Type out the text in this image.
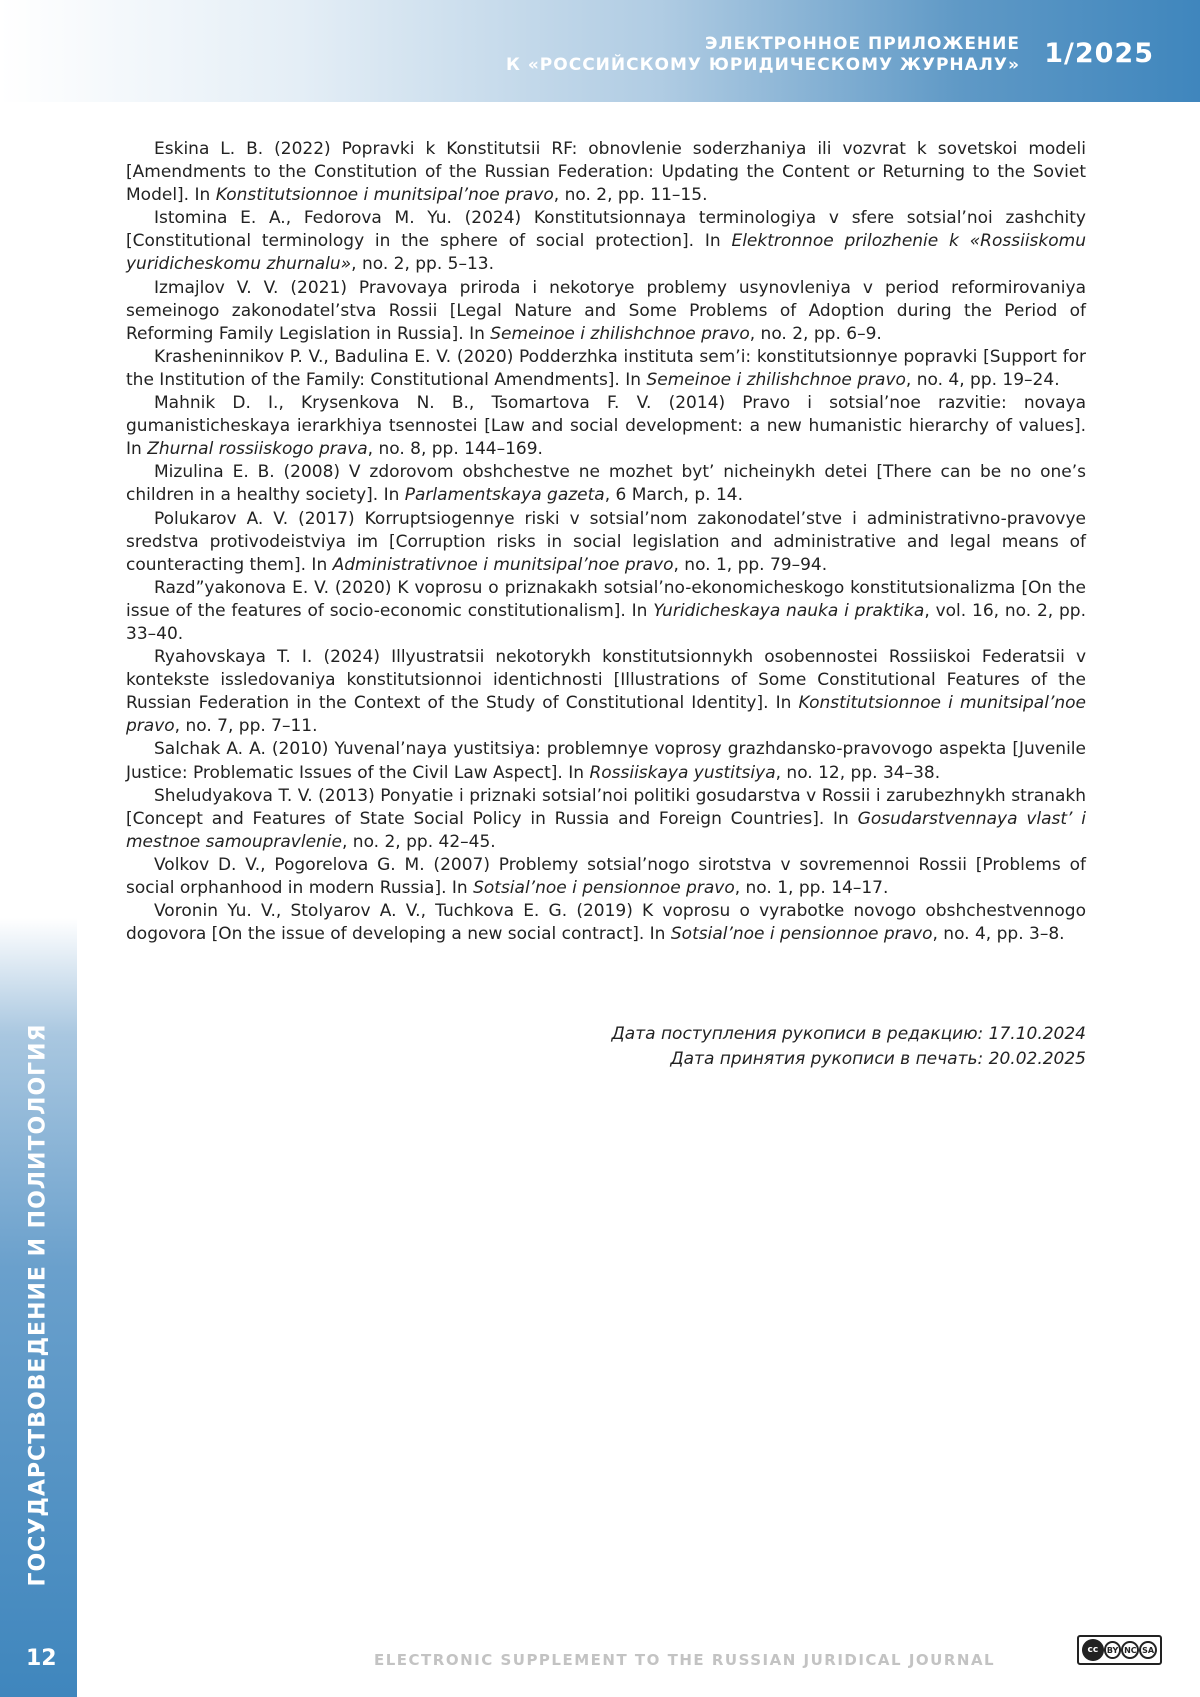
ЭЛЕКТРОННОЕ ПРИЛОЖЕНИЕ
К «РОССИЙСКОМУ ЮРИДИЧЕСКОМУ ЖУРНАЛУ» 1/2025
ГОСУДАРСТВОВЕДЕНИЕ И ПОЛИТОЛОГИЯ
12

Eskina L. B. (2022) Popravki k Konstitutsii RF: obnovlenie soderzhaniya ili vozvrat k sovetskoi modeli [Amendments to the Constitution of the Russian Federation: Updating the Content or Returning to the Soviet Model]. In Konstitutsionnoe i munitsipal’noe pravo, no. 2, pp. 11–15.

Istomina E. A., Fedorova M. Yu. (2024) Konstitutsionnaya terminologiya v sfere sotsial’noi zashchity [Constitutional terminology in the sphere of social protection]. In Elektronnoe prilozhenie k «Rossiiskomu yuridicheskomu zhurnalu», no. 2, pp. 5–13.

Izmajlov V. V. (2021) Pravovaya priroda i nekotorye problemy usynovleniya v period reformirovaniya semeinogo zakonodatel’stva Rossii [Legal Nature and Some Problems of Adoption during the Period of Reforming Family Legislation in Russia]. In Semeinoe i zhilishchnoe pravo, no. 2, pp. 6–9.

Krasheninnikov P. V., Badulina E. V. (2020) Podderzhka instituta sem’i: konstitutsionnye popravki [Support for the Institution of the Family: Constitutional Amendments]. In Semeinoe i zhilishchnoe pravo, no. 4, pp. 19–24.

Mahnik D. I., Krysenkova N. B., Tsomartova F. V. (2014) Pravo i sotsial’noe razvitie: novaya gumanisticheskaya ierarkhiya tsennostei [Law and social development: a new humanistic hierarchy of values]. In Zhurnal rossiiskogo prava, no. 8, pp. 144–169.

Mizulina E. B. (2008) V zdorovom obshchestve ne mozhet byt’ nicheinykh detei [There can be no one’s children in a healthy society]. In Parlamentskaya gazeta, 6 March, p. 14.

Polukarov A. V. (2017) Korruptsiogennye riski v sotsial’nom zakonodatel’stve i administrativno-pravovye sredstva protivodeistviya im [Corruption risks in social legislation and administrative and legal means of counteracting them]. In Administrativnoe i munitsipal’noe pravo, no. 1, pp. 79–94.

Razd”yakonova E. V. (2020) K voprosu o priznakakh sotsial’no-ekonomicheskogo konstitutsionalizma [On the issue of the features of socio-economic constitutionalism]. In Yuridicheskaya nauka i praktika, vol. 16, no. 2, pp. 33–40.

Ryahovskaya T. I. (2024) Illyustratsii nekotorykh konstitutsionnykh osobennostei Rossiiskoi Federatsii v kontekste issledovaniya konstitutsionnoi identichnosti [Illustrations of Some Constitutional Features of the Russian Federation in the Context of the Study of Constitutional Identity]. In Konstitutsionnoe i munitsipal’noe pravo, no. 7, pp. 7–11.

Salchak A. A. (2010) Yuvenal’naya yustitsiya: problemnye voprosy grazhdansko-pravovogo aspekta [Juvenile Justice: Problematic Issues of the Civil Law Aspect]. In Rossiiskaya yustitsiya, no. 12, pp. 34–38.

Sheludyakova T. V. (2013) Ponyatie i priznaki sotsial’noi politiki gosudarstva v Rossii i zarubezhnykh stranakh [Concept and Features of State Social Policy in Russia and Foreign Countries]. In Gosudarstvennaya vlast’ i mestnoe samoupravlenie, no. 2, pp. 42–45.

Volkov D. V., Pogorelova G. M. (2007) Problemy sotsial’nogo sirotstva v sovremennoi Rossii [Problems of social orphanhood in modern Russia]. In Sotsial’noe i pensionnoe pravo, no. 1, pp. 14–17.

Voronin Yu. V., Stolyarov A. V., Tuchkova E. G. (2019) K voprosu o vyrabotke novogo obshchestvennogo dogovora [On the issue of developing a new social contract]. In Sotsial’noe i pensionnoe pravo, no. 4, pp. 3–8.

Дата поступления рукописи в редакцию: 17.10.2024
Дата принятия рукописи в печать: 20.02.2025
ELECTRONIC SUPPLEMENT TO THE RUSSIAN JURIDICAL JOURNAL
cc	BY NC SA
